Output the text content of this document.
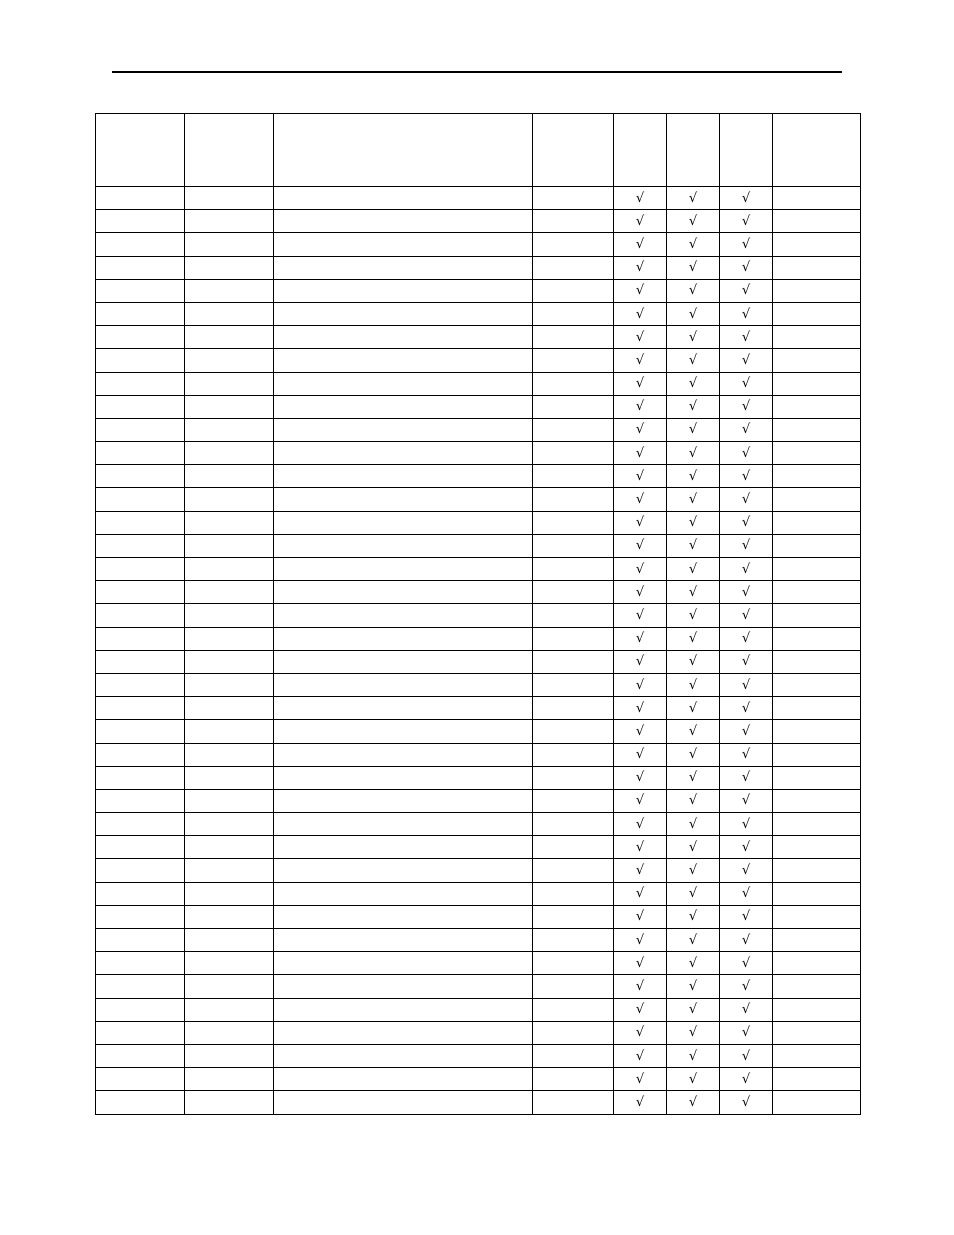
				√	√	√	
				√	√	√	
				√	√	√	
				√	√	√	
				√	√	√	
				√	√	√	
				√	√	√	
				√	√	√	
				√	√	√	
				√	√	√	
				√	√	√	
				√	√	√	
				√	√	√	
				√	√	√	
				√	√	√	
				√	√	√	
				√	√	√	
				√	√	√	
				√	√	√	
				√	√	√	
				√	√	√	
				√	√	√	
				√	√	√	
				√	√	√	
				√	√	√	
				√	√	√	
				√	√	√	
				√	√	√	
				√	√	√	
				√	√	√	
				√	√	√	
				√	√	√	
				√	√	√	
				√	√	√	
				√	√	√	
				√	√	√	
				√	√	√	
				√	√	√	
				√	√	√	
				√	√	√	
